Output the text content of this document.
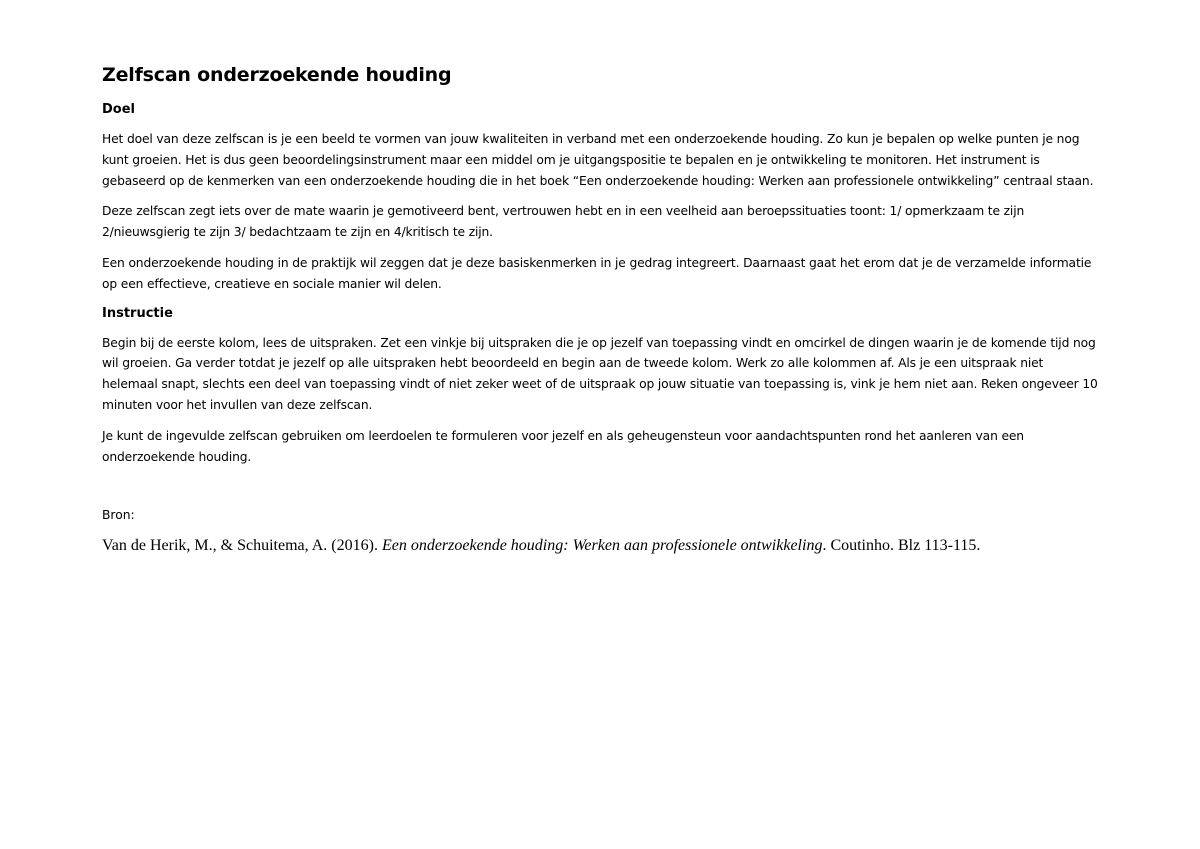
Zelfscan onderzoekende houding
Doel

Het doel van deze zelfscan is je een beeld te vormen van jouw kwaliteiten in verband met een onderzoekende houding. Zo kun je bepalen op welke punten je nog kunt groeien. Het is dus geen beoordelingsinstrument maar een middel om je uitgangspositie te bepalen en je ontwikkeling te monitoren. Het instrument is gebaseerd op de kenmerken van een onderzoekende houding die in het boek “Een onderzoekende houding: Werken aan professionele ontwikkeling” centraal staan.

Deze zelfscan zegt iets over de mate waarin je gemotiveerd bent, vertrouwen hebt en in een veelheid aan beroepssituaties toont: 1/ opmerkzaam te zijn 2/nieuwsgierig te zijn 3/ bedachtzaam te zijn en 4/kritisch te zijn.

Een onderzoekende houding in de praktijk wil zeggen dat je deze basiskenmerken in je gedrag integreert. Daarnaast gaat het erom dat je de verzamelde informatie op een effectieve, creatieve en sociale manier wil delen.

Instructie

Begin bij de eerste kolom, lees de uitspraken. Zet een vinkje bij uitspraken die je op jezelf van toepassing vindt en omcirkel de dingen waarin je de komende tijd nog wil groeien. Ga verder totdat je jezelf op alle uitspraken hebt beoordeeld en begin aan de tweede kolom. Werk zo alle kolommen af. Als je een uitspraak niet helemaal snapt, slechts een deel van toepassing vindt of niet zeker weet of de uitspraak op jouw situatie van toepassing is, vink je hem niet aan. Reken ongeveer 10 minuten voor het invullen van deze zelfscan.

Je kunt de ingevulde zelfscan gebruiken om leerdoelen te formuleren voor jezelf en als geheugensteun voor aandachtspunten rond het aanleren van een onderzoekende houding.

Bron:

Van de Herik, M., & Schuitema, A. (2016). Een onderzoekende houding: Werken aan professionele ontwikkeling. Coutinho. Blz 113-115.
